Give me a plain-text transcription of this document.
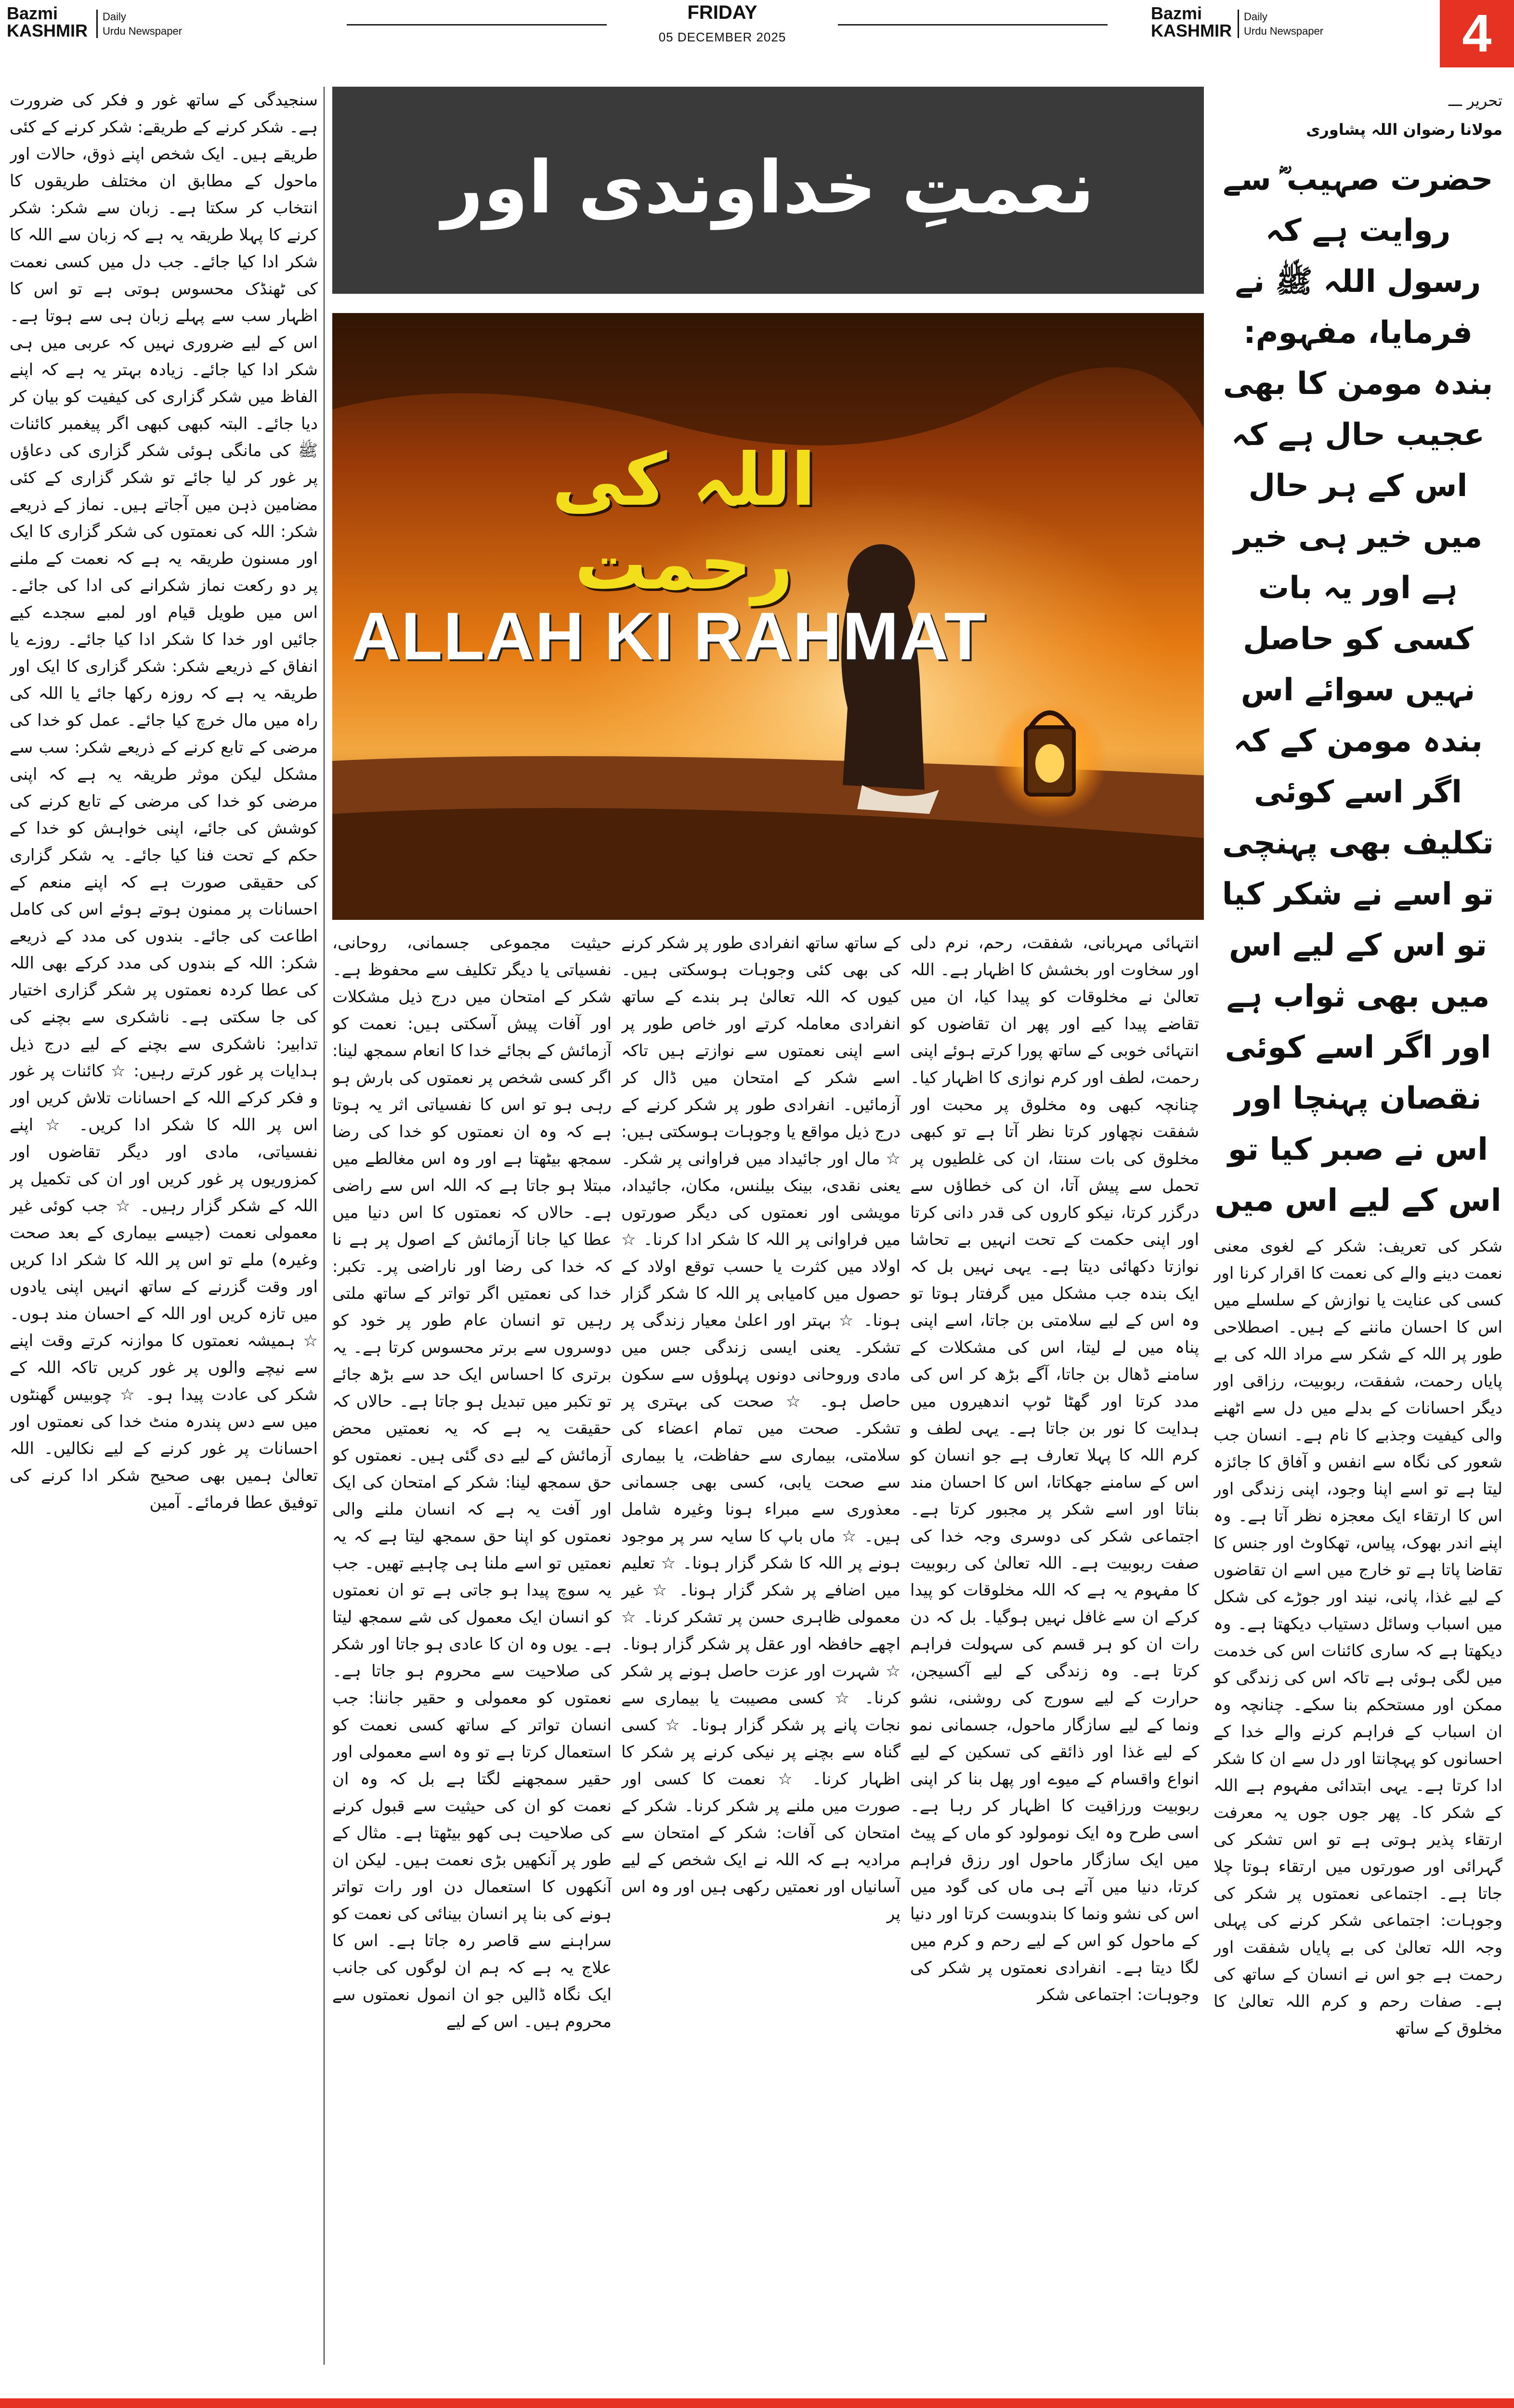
Bazmi
KASHMIR
Daily
Urdu Newspaper
FRIDAY
05 DECEMBER 2025
Bazmi
KASHMIR
Daily
Urdu Newspaper	4

سنجیدگی کے ساتھ غور و فکر کی ضرورت ہے۔ شکر کرنے کے طریقے: شکر کرنے کے کئی طریقے ہیں۔ ایک شخص اپنے ذوق، حالات اور ماحول کے مطابق ان مختلف طریقوں کا انتخاب کر سکتا ہے۔ زبان سے شکر: شکر کرنے کا پہلا طریقہ یہ ہے کہ زبان سے اللہ کا شکر ادا کیا جائے۔ جب دل میں کسی نعمت کی ٹھنڈک محسوس ہوتی ہے تو اس کا اظہار سب سے پہلے زبان ہی سے ہوتا ہے۔ اس کے لیے ضروری نہیں کہ عربی میں ہی شکر ادا کیا جائے۔ زیادہ بہتر یہ ہے کہ اپنے الفاظ میں شکر گزاری کی کیفیت کو بیان کر دیا جائے۔ البتہ کبھی کبھی اگر پیغمبر کائنات ﷺ کی مانگی ہوئی شکر گزاری کی دعاؤں پر غور کر لیا جائے تو شکر گزاری کے کئی مضامین ذہن میں آجاتے ہیں۔ نماز کے ذریعے شکر: اللہ کی نعمتوں کی شکر گزاری کا ایک اور مسنون طریقہ یہ ہے کہ نعمت کے ملنے پر دو رکعت نماز شکرانے کی ادا کی جائے۔ اس میں طویل قیام اور لمبے سجدے کیے جائیں اور خدا کا شکر ادا کیا جائے۔ روزے یا انفاق کے ذریعے شکر: شکر گزاری کا ایک اور طریقہ یہ ہے کہ روزہ رکھا جائے یا اللہ کی راہ میں مال خرچ کیا جائے۔ عمل کو خدا کی مرضی کے تابع کرنے کے ذریعے شکر: سب سے مشکل لیکن موثر طریقہ یہ ہے کہ اپنی مرضی کو خدا کی مرضی کے تابع کرنے کی کوشش کی جائے، اپنی خواہش کو خدا کے حکم کے تحت فنا کیا جائے۔ یہ شکر گزاری کی حقیقی صورت ہے کہ اپنے منعم کے احسانات پر ممنون ہوتے ہوئے اس کی کامل اطاعت کی جائے۔ بندوں کی مدد کے ذریعے شکر: اللہ کے بندوں کی مدد کرکے بھی اللہ کی عطا کردہ نعمتوں پر شکر گزاری اختیار کی جا سکتی ہے۔ ناشکری سے بچنے کی تدابیر: ناشکری سے بچنے کے لیے درج ذیل ہدایات پر غور کرتے رہیں: ☆ کائنات پر غور و فکر کرکے اللہ کے احسانات تلاش کریں اور اس پر اللہ کا شکر ادا کریں۔ ☆ اپنے نفسیاتی، مادی اور دیگر تقاضوں اور کمزوریوں پر غور کریں اور ان کی تکمیل پر اللہ کے شکر گزار رہیں۔ ☆ جب کوئی غیر معمولی نعمت (جیسے بیماری کے بعد صحت وغیرہ) ملے تو اس پر اللہ کا شکر ادا کریں اور وقت گزرنے کے ساتھ انہیں اپنی یادوں میں تازہ کریں اور اللہ کے احسان مند ہوں۔ ☆ ہمیشہ نعمتوں کا موازنہ کرتے وقت اپنے سے نیچے والوں پر غور کریں تاکہ اللہ کے شکر کی عادت پیدا ہو۔ ☆ چوبیس گھنٹوں میں سے دس پندرہ منٹ خدا کی نعمتوں اور احسانات پر غور کرنے کے لیے نکالیں۔ اللہ تعالیٰ ہمیں بھی صحیح شکر ادا کرنے کی توفیق عطا فرمائے۔ آمین

نعمتِ خداوندی اور
اللہ کی رحمت
ALLAH KI RAHMAT

حیثیت مجموعی جسمانی، روحانی، نفسیاتی یا دیگر تکلیف سے محفوظ ہے۔ شکر کے امتحان میں درج ذیل مشکلات اور آفات پیش آسکتی ہیں: نعمت کو آزمائش کے بجائے خدا کا انعام سمجھ لینا: اگر کسی شخص پر نعمتوں کی بارش ہو رہی ہو تو اس کا نفسیاتی اثر یہ ہوتا ہے کہ وہ ان نعمتوں کو خدا کی رضا سمجھ بیٹھتا ہے اور وہ اس مغالطے میں مبتلا ہو جاتا ہے کہ اللہ اس سے راضی ہے۔ حالاں کہ نعمتوں کا اس دنیا میں عطا کیا جانا آزمائش کے اصول پر ہے نا کہ خدا کی رضا اور ناراضی پر۔ تکبر: خدا کی نعمتیں اگر تواتر کے ساتھ ملتی رہیں تو انسان عام طور پر خود کو دوسروں سے برتر محسوس کرتا ہے۔ یہ برتری کا احساس ایک حد سے بڑھ جائے تو تکبر میں تبدیل ہو جاتا ہے۔ حالاں کہ حقیقت یہ ہے کہ یہ نعمتیں محض آزمائش کے لیے دی گئی ہیں۔ نعمتوں کو حق سمجھ لینا: شکر کے امتحان کی ایک اور آفت یہ ہے کہ انسان ملنے والی نعمتوں کو اپنا حق سمجھ لیتا ہے کہ یہ نعمتیں تو اسے ملنا ہی چاہیے تھیں۔ جب یہ سوچ پیدا ہو جاتی ہے تو ان نعمتوں کو انسان ایک معمول کی شے سمجھ لیتا ہے۔ یوں وہ ان کا عادی ہو جاتا اور شکر کی صلاحیت سے محروم ہو جاتا ہے۔ نعمتوں کو معمولی و حقیر جاننا: جب انسان تواتر کے ساتھ کسی نعمت کو استعمال کرتا ہے تو وہ اسے معمولی اور حقیر سمجھنے لگتا ہے بل کہ وہ ان نعمت کو ان کی حیثیت سے قبول کرنے کی صلاحیت ہی کھو بیٹھتا ہے۔ مثال کے طور پر آنکھیں بڑی نعمت ہیں۔ لیکن ان آنکھوں کا استعمال دن اور رات تواتر ہونے کی بنا پر انسان بینائی کی نعمت کو سراہنے سے قاصر رہ جاتا ہے۔ اس کا علاج یہ ہے کہ ہم ان لوگوں کی جانب ایک نگاہ ڈالیں جو ان انمول نعمتوں سے محروم ہیں۔ اس کے لیے

کے ساتھ ساتھ انفرادی طور پر شکر کرنے کی بھی کئی وجوہات ہوسکتی ہیں۔ کیوں کہ اللہ تعالیٰ ہر بندے کے ساتھ انفرادی معاملہ کرتے اور خاص طور پر اسے اپنی نعمتوں سے نوازتے ہیں تاکہ اسے شکر کے امتحان میں ڈال کر آزمائیں۔ انفرادی طور پر شکر کرنے کے درج ذیل مواقع یا وجوہات ہوسکتی ہیں: ☆ مال اور جائیداد میں فراوانی پر شکر۔ یعنی نقدی، بینک بیلنس، مکان، جائیداد، مویشی اور نعمتوں کی دیگر صورتوں میں فراوانی پر اللہ کا شکر ادا کرنا۔ ☆ اولاد میں کثرت یا حسب توقع اولاد کے حصول میں کامیابی پر اللہ کا شکر گزار ہونا۔ ☆ بہتر اور اعلیٰ معیار زندگی پر تشکر۔ یعنی ایسی زندگی جس میں مادی وروحانی دونوں پہلوؤں سے سکون حاصل ہو۔ ☆ صحت کی بہتری پر تشکر۔ صحت میں تمام اعضاء کی سلامتی، بیماری سے حفاظت، یا بیماری سے صحت یابی، کسی بھی جسمانی معذوری سے مبراء ہونا وغیرہ شامل ہیں۔ ☆ ماں باپ کا سایہ سر پر موجود ہونے پر اللہ کا شکر گزار ہونا۔ ☆ تعلیم میں اضافے پر شکر گزار ہونا۔ ☆ غیر معمولی ظاہری حسن پر تشکر کرنا۔ ☆ اچھے حافظہ اور عقل پر شکر گزار ہونا۔ ☆ شہرت اور عزت حاصل ہونے پر شکر کرنا۔ ☆ کسی مصیبت یا بیماری سے نجات پانے پر شکر گزار ہونا۔ ☆ کسی گناہ سے بچنے پر نیکی کرنے پر شکر کا اظہار کرنا۔ ☆ نعمت کا کسی اور صورت میں ملنے پر شکر کرنا۔ شکر کے امتحان کی آفات: شکر کے امتحان سے مرادیہ ہے کہ اللہ نے ایک شخص کے لیے آسانیاں اور نعمتیں رکھی ہیں اور وہ اس پر

انتہائی مہربانی، شفقت، رحم، نرم دلی اور سخاوت اور بخشش کا اظہار ہے۔ اللہ تعالیٰ نے مخلوقات کو پیدا کیا، ان میں تقاضے پیدا کیے اور پھر ان تقاضوں کو انتہائی خوبی کے ساتھ پورا کرتے ہوئے اپنی رحمت، لطف اور کرم نوازی کا اظہار کیا۔ چنانچہ کبھی وہ مخلوق پر محبت اور شفقت نچھاور کرتا نظر آتا ہے تو کبھی مخلوق کی بات سنتا، ان کی غلطیوں پر تحمل سے پیش آتا، ان کی خطاؤں سے درگزر کرتا، نیکو کاروں کی قدر دانی کرتا اور اپنی حکمت کے تحت انہیں بے تحاشا نوازتا دکھائی دیتا ہے۔ یہی نہیں بل کہ ایک بندہ جب مشکل میں گرفتار ہوتا تو وہ اس کے لیے سلامتی بن جاتا، اسے اپنی پناہ میں لے لیتا، اس کی مشکلات کے سامنے ڈھال بن جاتا، آگے بڑھ کر اس کی مدد کرتا اور گھٹا ٹوپ اندھیروں میں ہدایت کا نور بن جاتا ہے۔ یہی لطف و کرم اللہ کا پہلا تعارف ہے جو انسان کو اس کے سامنے جھکاتا، اس کا احسان مند بناتا اور اسے شکر پر مجبور کرتا ہے۔ اجتماعی شکر کی دوسری وجہ خدا کی صفت ربوبیت ہے۔ اللہ تعالیٰ کی ربوبیت کا مفہوم یہ ہے کہ اللہ مخلوقات کو پیدا کرکے ان سے غافل نہیں ہوگیا۔ بل کہ دن رات ان کو ہر قسم کی سہولت فراہم کرتا ہے۔ وہ زندگی کے لیے آکسیجن، حرارت کے لیے سورج کی روشنی، نشو ونما کے لیے سازگار ماحول، جسمانی نمو کے لیے غذا اور ذائقے کی تسکین کے لیے انواع واقسام کے میوے اور پھل بنا کر اپنی ربوبیت ورزاقیت کا اظہار کر رہا ہے۔ اسی طرح وہ ایک نومولود کو ماں کے پیٹ میں ایک سازگار ماحول اور رزق فراہم کرتا، دنیا میں آتے ہی ماں کی گود میں اس کی نشو ونما کا بندوبست کرتا اور دنیا کے ماحول کو اس کے لیے رحم و کرم میں لگا دیتا ہے۔ انفرادی نعمتوں پر شکر کی وجوہات: اجتماعی شکر

تحریر ـــ
مولانا رضوان اللہ پشاوری
حضرت صہیب ؓ سے روایت ہے کہ رسول اللہ ﷺ نے فرمایا، مفہوم: بندہ مومن کا بھی عجیب حال ہے کہ اس کے ہر حال میں خیر ہی خیر ہے اور یہ بات کسی کو حاصل نہیں سوائے اس بندہ مومن کے کہ اگر اسے کوئی تکلیف بھی پہنچی تو اسے نے شکر کیا تو اس کے لیے اس میں بھی ثواب ہے اور اگر اسے کوئی نقصان پہنچا اور اس نے صبر کیا تو اس کے لیے اس میں

شکر کی تعریف: شکر کے لغوی معنی نعمت دینے والے کی نعمت کا اقرار کرنا اور کسی کی عنایت یا نوازش کے سلسلے میں اس کا احسان ماننے کے ہیں۔ اصطلاحی طور پر اللہ کے شکر سے مراد اللہ کی بے پایاں رحمت، شفقت، ربوبیت، رزاقی اور دیگر احسانات کے بدلے میں دل سے اٹھنے والی کیفیت وجذبے کا نام ہے۔ انسان جب شعور کی نگاہ سے انفس و آفاق کا جائزہ لیتا ہے تو اسے اپنا وجود، اپنی زندگی اور اس کا ارتقاء ایک معجزہ نظر آتا ہے۔ وہ اپنے اندر بھوک، پیاس، تھکاوٹ اور جنس کا تقاضا پاتا ہے تو خارج میں اسے ان تقاضوں کے لیے غذا، پانی، نیند اور جوڑے کی شکل میں اسباب وسائل دستیاب دیکھتا ہے۔ وہ دیکھتا ہے کہ ساری کائنات اس کی خدمت میں لگی ہوئی ہے تاکہ اس کی زندگی کو ممکن اور مستحکم بنا سکے۔ چنانچہ وہ ان اسباب کے فراہم کرنے والے خدا کے احسانوں کو پہچانتا اور دل سے ان کا شکر ادا کرتا ہے۔ یہی ابتدائی مفہوم ہے اللہ کے شکر کا۔ پھر جوں جوں یہ معرفت ارتقاء پذیر ہوتی ہے تو اس تشکر کی گہرائی اور صورتوں میں ارتقاء ہوتا چلا جاتا ہے۔ اجتماعی نعمتوں پر شکر کی وجوہات: اجتماعی شکر کرنے کی پہلی وجہ اللہ تعالیٰ کی بے پایاں شفقت اور رحمت ہے جو اس نے انسان کے ساتھ کی ہے۔ صفات رحم و کرم اللہ تعالیٰ کا مخلوق کے ساتھ
